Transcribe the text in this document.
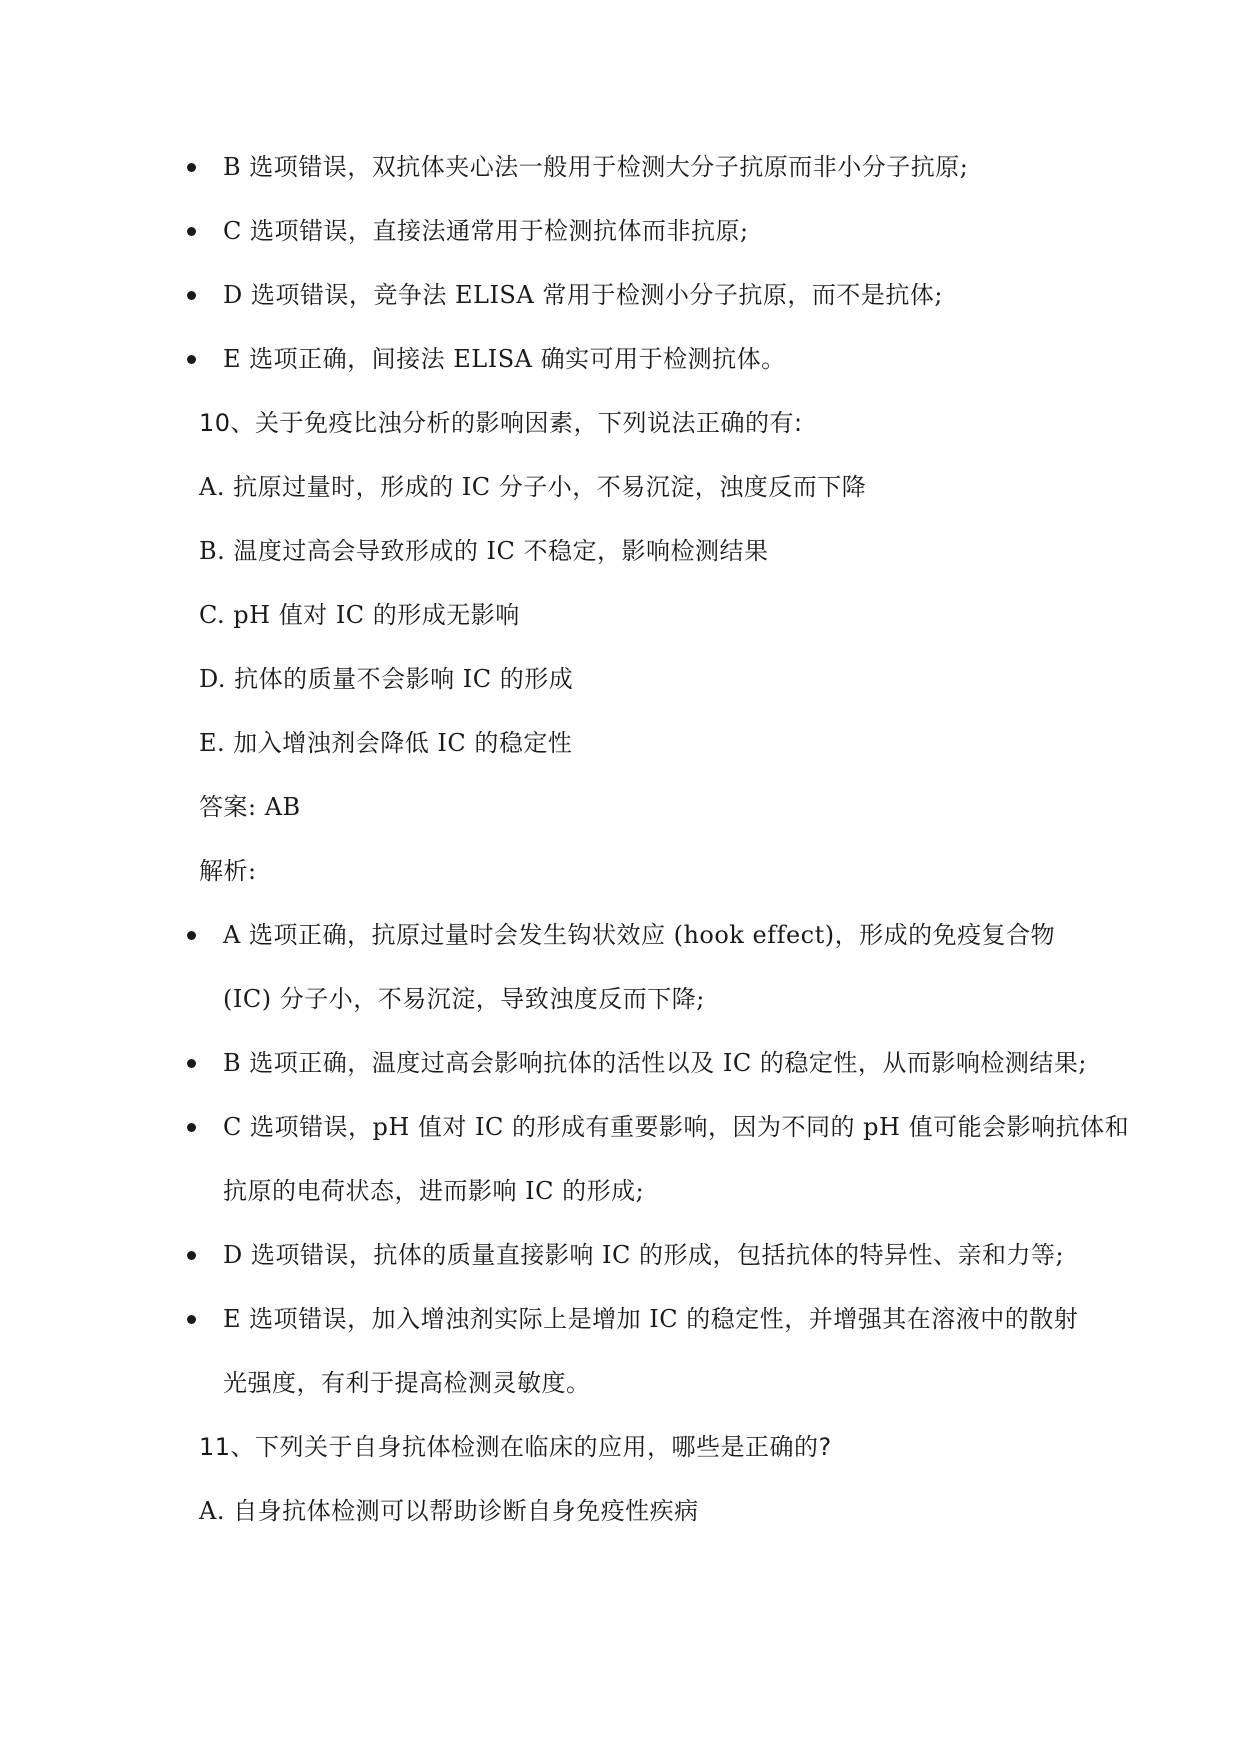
B 选项错误，双抗体夹心法一般用于检测大分子抗原而非小分子抗原;
C 选项错误，直接法通常用于检测抗体而非抗原;
D 选项错误，竞争法 ELISA 常用于检测小分子抗原，而不是抗体;
E 选项正确，间接法 ELISA 确实可用于检测抗体。
10、关于免疫比浊分析的影响因素，下列说法正确的有:
A. 抗原过量时，形成的 IC 分子小，不易沉淀，浊度反而下降
B. 温度过高会导致形成的 IC 不稳定，影响检测结果
C. pH 值对 IC 的形成无影响
D. 抗体的质量不会影响 IC 的形成
E. 加入增浊剂会降低 IC 的稳定性
答案: AB
解析:
A 选项正确，抗原过量时会发生钩状效应 (hook effect)，形成的免疫复合物
(IC) 分子小，不易沉淀，导致浊度反而下降;
B 选项正确，温度过高会影响抗体的活性以及 IC 的稳定性，从而影响检测结果;
C 选项错误，pH 值对 IC 的形成有重要影响，因为不同的 pH 值可能会影响抗体和
抗原的电荷状态，进而影响 IC 的形成;
D 选项错误，抗体的质量直接影响 IC 的形成，包括抗体的特异性、亲和力等;
E 选项错误，加入增浊剂实际上是增加 IC 的稳定性，并增强其在溶液中的散射
光强度，有利于提高检测灵敏度。
11、下列关于自身抗体检测在临床的应用，哪些是正确的?
A. 自身抗体检测可以帮助诊断自身免疫性疾病
